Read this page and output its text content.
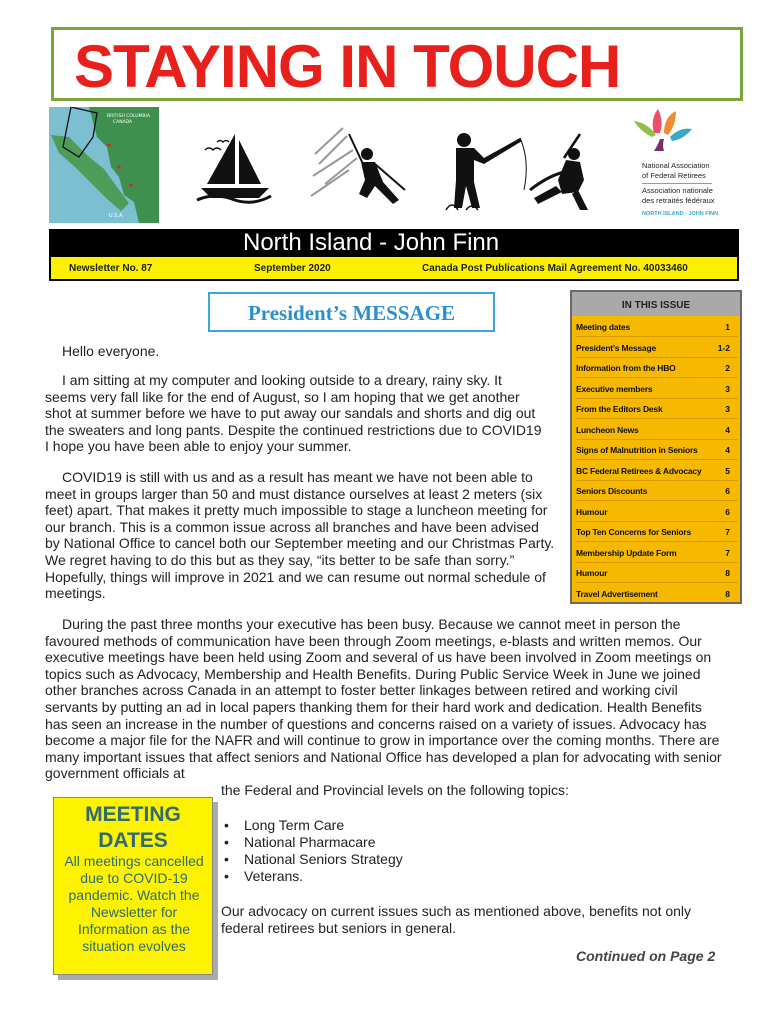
STAYING IN TOUCH
BRITISH COLUMBIA
CANADA
U.S.A.
National Association
of Federal Retirees
Association nationale
des retraités fédéraux
NORTH ISLAND - JOHN FINN
North Island - John Finn
Newsletter No. 87	September 2020	Canada Post Publications Mail Agreement No. 40033460
President’s MESSAGE
Hello everyone.
I am sitting at my computer and looking outside to a dreary, rainy sky. It seems very fall like for the end of August, so I am hoping that we get another shot at summer before we have to put away our sandals and shorts and dig out the sweaters and long pants. Despite the continued restrictions due to COVID19 I hope you have been able to enjoy your summer.
COVID19 is still with us and as a result has meant we have not been able to meet in groups larger than 50 and must distance ourselves at least 2 meters (six feet) apart. That makes it pretty much impossible to stage a luncheon meeting for our branch. This is a common issue across all branches and have been advised by National Office to cancel both our September meeting and our Christmas Party. We regret having to do this but as they say, “its better to be safe than sorry.” Hopefully, things will improve in 2021 and we can resume out normal schedule of meetings.
IN THIS ISSUE
Meeting dates	1
President’s Message	1-2
Information from the HBO	2
Executive members	3
From the Editors Desk	3
Luncheon News	4
Signs of Malnutrition in Seniors	4
BC Federal Retirees & Advocacy	5
Seniors Discounts	6
Humour	6
Top Ten Concerns for Seniors	7
Membership Update Form	7
Humour	8
Travel Advertisement	8
During the past three months your executive has been busy. Because we cannot meet in person the favoured methods of communication have been through Zoom meetings, e-blasts and written memos. Our executive meetings have been held using Zoom and several of us have been involved in Zoom meetings on topics such as Advocacy, Membership and Health Benefits. During Public Service Week in June we joined other branches across Canada in an attempt to foster better linkages between retired and working civil servants by putting an ad in local papers thanking them for their hard work and dedication. Health Benefits has seen an increase in the number of questions and concerns raised on a variety of issues. Advocacy has become a major file for the NAFR and will continue to grow in importance over the coming months. There are many important issues that affect seniors and National Office has developed a plan for advocating with senior government officials at
the Federal and Provincial levels on the following topics:
MEETING
DATES
All meetings cancelled due to COVID-19 pandemic. Watch the Newsletter for Information as the situation evolves
• Long Term Care
• National Pharmacare
• National Seniors Strategy
• Veterans.
Our advocacy on current issues such as mentioned above, benefits not only federal retirees but seniors in general.
Continued on Page 2
